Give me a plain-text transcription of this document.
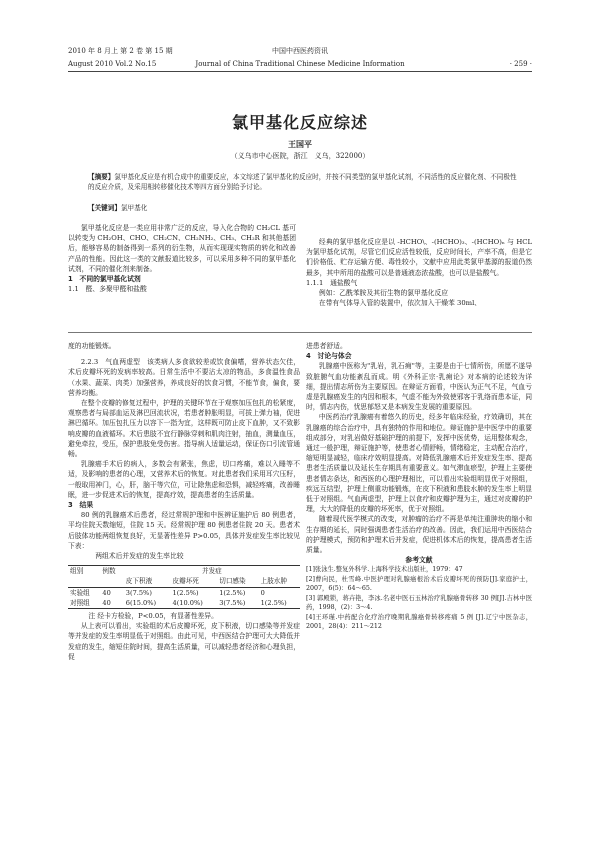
2010 年 8 月上 第 2 卷 第 15 期
August 2010 Vol.2 No.15
中国中西医药资讯
Journal of China Traditional Chinese Medicine Information	· 259 ·
氯甲基化反应综述
王国平
（义乌市中心医院，浙江　义乌，322000）
【摘要】氯甲基化反应是有机合成中的重要反应，本文综述了氯甲基化的反应时，并按不同类型的氯甲基化试剂，不同活性的反应催化剂、不同极性的反应介质，及采用相转移催化技术等四方面分别给予讨论。
【关键词】氯甲基化

氯甲基化反应是一类应用非常广泛的反应，导入化合物的 CH₂CL 基可以转变为 CH₂OH、CHO、CH₂CN、CH₂NH₂、CH₃、CH₂R 和其他基团后，能够容易的制备得到一系列的衍生物，从而实现现实物质的转化和改善产品的性能。因此这一类的文献报道比较多，可以采用多种不同的氯甲基化试剂，不同的催化剂来制备。

1　不同的氯甲基化试剂

1.1　醛、多聚甲醛和盐酸

经典的氯甲基化反应是以 -HCHO\、-(HCHO)₃、-(HCHO)ₙ 与 HCL 为氯甲基化试剂，尽管它们反应活性较低，反应时间长，产率不高，但是它们价格低、贮存运输方便、毒性较小，文献中应用此类氯甲基源的报道仍然最多，其中所用的盐酸可以是普通液态浓盐酸，也可以是盐酸气。

1.1.1　通盐酸气

例如：乙酰苯胺及其衍生物的氯甲基化反应

在带有气体导入管的装置中，依次加入干燥苯 30ml、

度的功能锻炼。

2.2.3　气血两虚型　该类病人多食欲较差或饮食偏嗜，营养状态欠佳，术后皮瓣坏死的发病率较高。日常生活中不要沾太凉的物品，多食温性食品（水果、蔬菜、肉类）加强营养，养成良好的饮食习惯，不能节食，偏食，要营养均衡。

在整个皮瓣的修复过程中，护理的关键环节在于观察加压包扎的松紧度，观察患者与局部血运及淋巴回流状况，若患者肿胀明显，可拔上弹力袖，促进淋巴循环。加压包扎压力以容下一指为宜，这样既可防止皮下血肿，又不致影响皮瓣的血液循环。术后患肢不宜行静脉穿刺和肌肉注射，抽血，测量血压，避免牵拉，受压，保护患肢免受伤害。指导病人适量运动，保证伤口引流管通畅。

乳腺癌手术后的病人，多数会有紧张，焦虑，切口疼痛，难以入睡等不适，及影响的患者的心理，又营养术后的恢复。对此患者我们采用耳穴压籽，一般取用神门，心，肝，脑干等穴位，可让除焦虑和恐惧，减轻疼痛，改善睡眠，进一步促进术后的恢复，提高疗效，提高患者的生活质量。

3　结果

80 例的乳腺癌术后患者，经过常规护理和中医辨证施护后 80 例患者，平均住院天数缩短，住院 15 天。经常规护理 80 例患者住院 20 天。患者术后肢体功能两组恢复良好，无显著性差异 P>0.05，具体并发症发生率比较见下表：

两组术后并发症的发生率比较

组别	例数	并发症			
		皮下积液	皮瓣坏死	切口感染	上肢水肿
实验组	40	3(7.5%)	1(2.5%)	1(2.5%)	0
对照组	40	6(15.0%)	4(10.0%)	3(7.5%)	1(2.5%)

注 经卡方检验，P<0.05，有显著性差异。

从上表可以看出，实验组的术后皮瓣坏死，皮下积液，切口感染等并发症等并发症的发生率明显低于对照组。由此可见，中西医结合护理可大大降低并发症的发生，缩短住院时间，提高生活质量，可以减轻患者经济和心理负担，促

进患者舒适。

4　讨论与体会

乳腺癌中医称为"乳岩，乳石痈"等，主要是由于七情所伤，所愿不遂导致脏腑气血功能紊乱而成。明《外科正宗·乳痈论》对本病的论述较为详细，提出情志所伤为主要原因。在辩证方面看，中医认为正气不足，气血亏虚是乳腺癌发生的内因和根本，气虚不能为外致使邪客于乳络而患本证，同时，情志内伤，忧思郁怒又是本病发生发展的重要原因。

中医药治疗乳腺癌有着悠久的历史，经多年临床经验，疗效确切，其在乳腺癌的综合治疗中，具有独特的作用和地位。辩证施护是中医学中的重要组成部分，对乳岩做好基础护理的前提下，发挥中医优势，运用整体观念，通过一般护理，辩证施护等，使患者心情舒畅，情绪稳定，主动配合治疗，缩短明显减轻，临床疗效明显提高。对降低乳腺癌术后并发症发生率、提高患者生活质量以及延长生存期具有重要意义。如气滞血瘀型，护理上主要使患者情志条达，和西医的心理护理相比，可以看出实验组明显优于对照组，疾远互结型，护理上侧重功能锻炼，在皮下积液和患肢水肿的发生率上明显低于对照组。气血两虚型，护理上以食疗和皮瓣护理为主，通过对皮瓣的护理，大大的降低的皮瓣的坏死率，优于对照组。

随着现代医学模式的改变，对肿瘤的治疗不再是单纯注重肿块的缩小和生存期的延长，同时强调患者生活治疗的改善。因此，我们运用中西医结合的护理模式，预防和护理术后并发症，促进机体术后的恢复，提高患者生活质量。

参考文献

[1]张泳生.整复外科学.上海科学技术出版社，1979：47

[2]曹向民，杜雪峰.中医护理对乳腺癌根治术后皮瓣坏死的预防[J].家庭护士，2007，6(5)：64～65.

[3] 郭殿锁，蒋卉艳，李冰.名老中医石玉林治疗乳腺癌骨转移 30 例[J].吉林中医药，1998，(2)：3～4.

[4]王环瑾.中药配合化疗治疗晚期乳腺癌骨转移疼痛 5 例 [J].辽宁中医杂志，2001，28(4)：211～212
